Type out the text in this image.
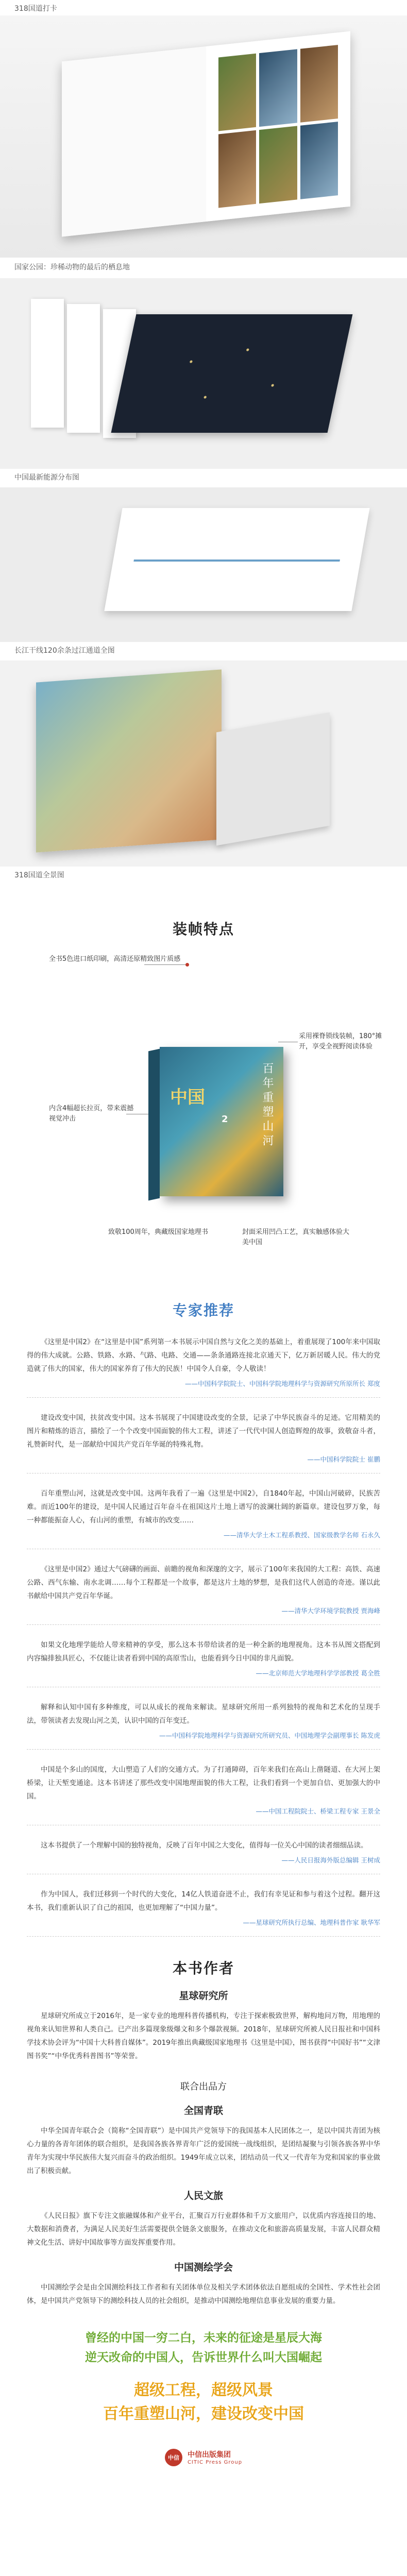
318国道打卡
国家公园：珍稀动物的最后的栖息地
中国最新能源分布图
长江干线120余条过江通道全图
318国道全景图
装帧特点
全书5色进口纸印刷，高清还原精致图片质感
采用裸脊锁线装帧，180°摊开，享受全视野阅读体验
内含4幅超长拉页，带来震撼视觉冲击
致敬100周年，典藏级国家地理书	封面采用凹凸工艺，真实触感体验大美中国
中国	百年重塑山河
2
专家推荐

《这里是中国2》在“这里是中国”系列第一本书展示中国自然与文化之美的基础上，着重展现了100年来中国取得的伟大成就。公路、铁路、水路、气路、电路、交通——条条通路连接北京通天下，亿万新居暖人民。伟大的党造就了伟大的国家，伟大的国家养育了伟大的民族！中国令人自豪，令人敬读！

——中国科学院院士、中国科学院地理科学与资源研究所原所长 郑度

建设改变中国，扶贫改变中国。这本书展现了中国建设改变的全景，记录了中华民族奋斗的足迹。它用精美的图片和精炼的语言，描绘了一个个改变中国面貌的伟大工程，讲述了一代代中国人创造辉煌的故事，致敬奋斗者，礼赞新时代，是一部献给中国共产党百年华诞的特殊礼物。

——中国科学院院士 崔鹏

百年重塑山河，这就是改变中国。这两年我看了一遍《这里是中国2》，自1840年起，中国山河破碎，民族苦难。而近100年的建设，是中国人民通过百年奋斗在祖国这片土地上谱写的波澜壮阔的新篇章。建设包罗万象，每一种都能振奋人心，有山河的重塑，有城市的改变……

——清华大学土木工程系教授、国家级教学名师 石永久

《这里是中国2》通过大气磅礴的画面、前瞻的视角和深邃的文字，展示了100年来我国的大工程：高铁、高速公路、西气东输、南水北调……每个工程都是一个故事，都是这片土地的梦想，是我们这代人创造的奇迹。谨以此书献给中国共产党百年华诞。

——清华大学环境学院教授 贾海峰

如果文化地理学能给人带来精神的享受，那么这本书带给读者的是一种全新的地理视角。这本书从图文搭配到内容编排独具匠心，不仅能让读者看到中国的高原雪山，也能看到今日中国的非凡面貌。

——北京师范大学地理科学学部教授 葛全胜

解释和认知中国有多种维度，可以从成长的视角来解读。星球研究所用一系列独特的视角和艺术化的呈现手法，带领读者去发现山河之美，认识中国的百年变迁。

——中国科学院地理科学与资源研究所研究员、中国地理学会副理事长 陈发虎

中国是个多山的国度，大山塑造了人们的交通方式。为了打通障碍，百年来我们在高山上凿隧道、在大河上架桥梁，让天堑变通途。这本书讲述了那些改变中国地理面貌的伟大工程，让我们看到一个更加自信、更加强大的中国。

——中国工程院院士、桥梁工程专家 王景全

这本书提供了一个理解中国的独特视角，反映了百年中国之大变化，值得每一位关心中国的读者细细品读。

——人民日报海外版总编辑 王树成

作为中国人，我们迁移到一个时代的大变化，14亿人铁道奋进不止，我们有幸见证和参与着这个过程。翻开这本书，我们重新认识了自己的祖国，也更加理解了“中国力量”。

——星球研究所执行总编、地理科普作家 耿华军
本书作者
星球研究所

星球研究所成立于2016年，是一家专业的地理科普传播机构，专注于探索极致世界，解构地问万物，用地理的视角来认知世界和人类自己。已产出多篇现象级爆文和多个爆款视频。2018年，星球研究所被人民日报社和中国科学技术协会评为“中国十大科普自媒体”。2019年推出典藏级国家地理书《这里是中国》，图书获得“中国好书”“文津图书奖”“中华优秀科普图书”等荣誉。

联合出品方
全国青联

中华全国青年联合会（简称“全国青联”）是中国共产党领导下的我国基本人民团体之一，是以中国共青团为核心力量的各青年团体的联合组织，是我国各族各界青年广泛的爱国统一战线组织，是团结凝聚与引领各族各界中华青年为实现中华民族伟大复兴而奋斗的政治组织。1949年成立以来，团结动员一代又一代青年为党和国家的事业做出了积极贡献。

人民文旅

《人民日报》旗下专注文旅融媒体和产业平台，汇聚百万行业群体和千万文旅用户，以优质内容连接目的地、大数据和消费者，为满足人民美好生活需要提供全链条文旅服务，在推动文化和旅游高质量发展，丰富人民群众精神文化生活、讲好中国故事等方面发挥重要作用。

中国测绘学会

中国测绘学会是由全国测绘科技工作者和有关团体单位及相关学术团体依法自愿组成的全国性、学术性社会团体，是中国共产党领导下的测绘科技人员的社会组织，是推动中国测绘地理信息事业发展的重要力量。

曾经的中国一穷二白，未来的征途是星辰大海
逆天改命的中国人，告诉世界什么叫大国崛起
超级工程，超级风景
百年重塑山河，建设改变中国
中信	中信出版集团
CITIC Press Group
